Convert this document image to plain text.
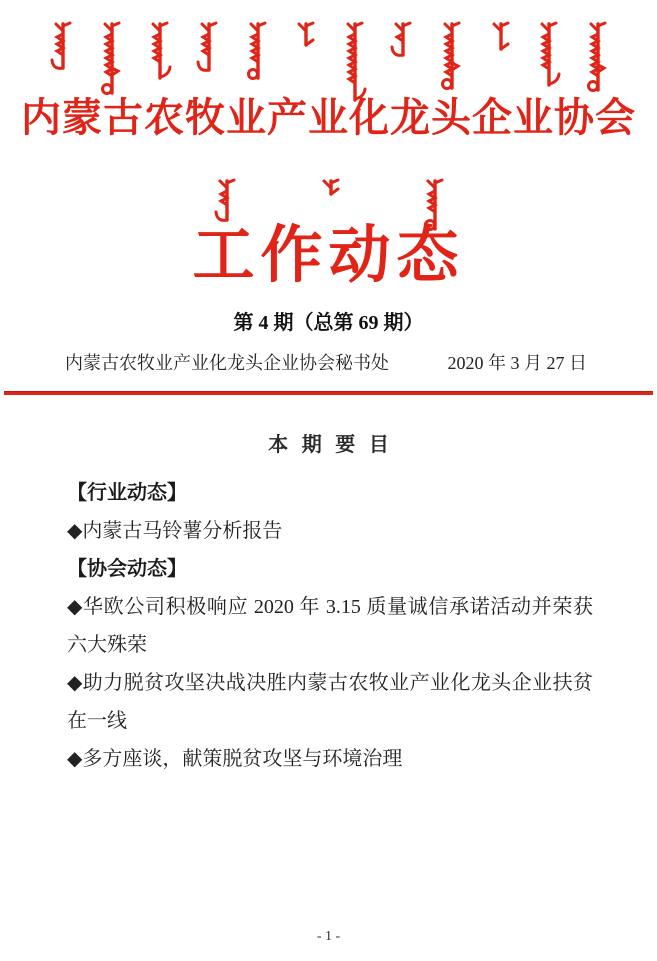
内蒙古农牧业产业化龙头企业协会
工作动态
第 4 期（总第 69 期）
内蒙古农牧业产业化龙头企业协会秘书处	2020 年 3 月 27 日
本 期 要 目
【行业动态】
◆内蒙古马铃薯分析报告
【协会动态】
◆华欧公司积极响应 2020 年 3.15 质量诚信承诺活动并荣获六大殊荣
◆助力脱贫攻坚决战决胜内蒙古农牧业产业化龙头企业扶贫在一线
◆多方座谈，献策脱贫攻坚与环境治理
- 1 -
